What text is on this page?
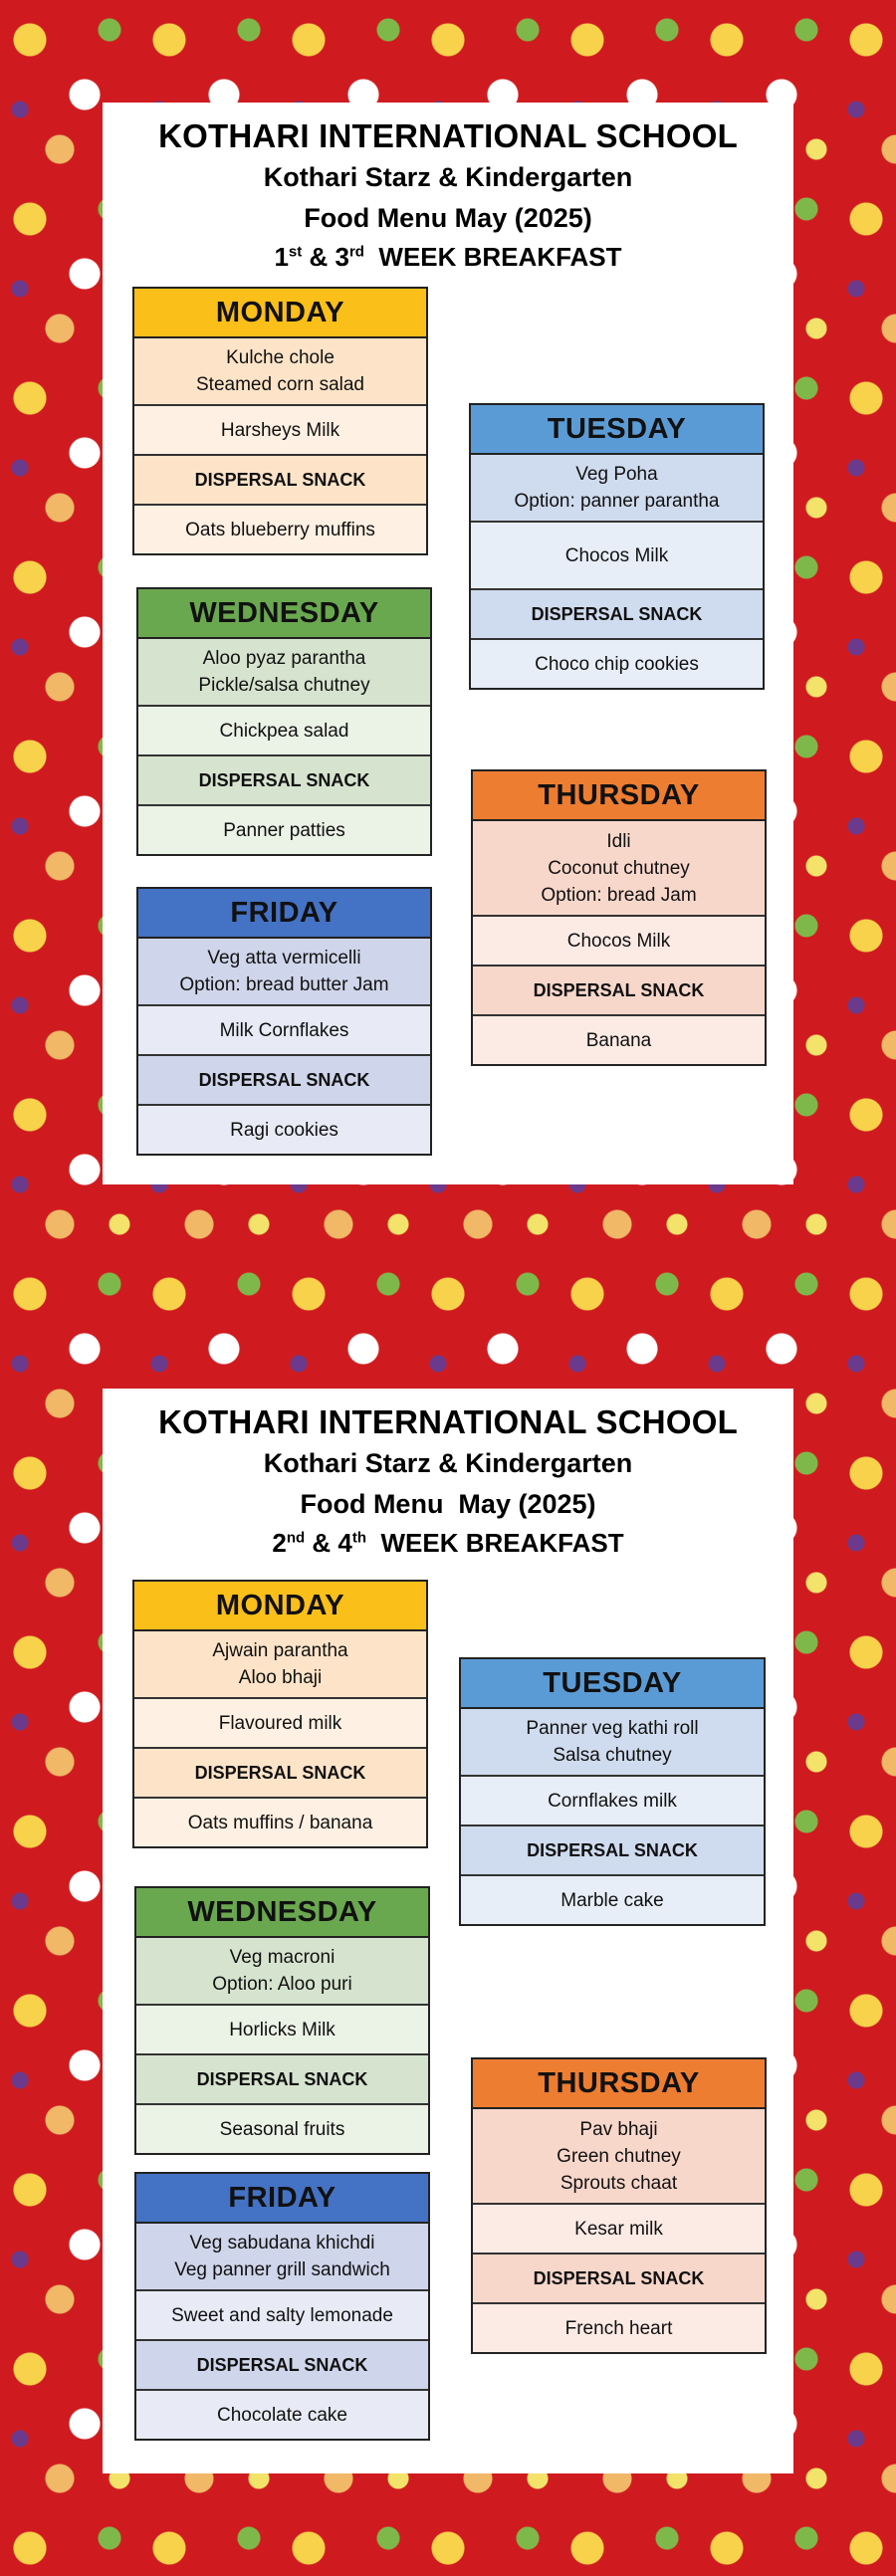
KOTHARI INTERNATIONAL SCHOOL
Kothari Starz & Kindergarten
Food Menu May (2025)
1st & 3rd  WEEK BREAKFAST
MONDAY
Kulche chole
Steamed corn salad
Harsheys Milk
DISPERSAL SNACK
Oats blueberry muffins
TUESDAY
Veg Poha
Option: panner parantha
Chocos Milk
DISPERSAL SNACK
Choco chip cookies
WEDNESDAY
Aloo pyaz parantha
Pickle/salsa chutney
Chickpea salad
DISPERSAL SNACK
Panner patties
THURSDAY
Idli
Coconut chutney
Option: bread Jam
Chocos Milk
DISPERSAL SNACK
Banana
FRIDAY
Veg atta vermicelli
Option: bread butter Jam
Milk Cornflakes
DISPERSAL SNACK
Ragi cookies
KOTHARI INTERNATIONAL SCHOOL
Kothari Starz & Kindergarten
Food Menu  May (2025)
2nd & 4th  WEEK BREAKFAST
MONDAY
Ajwain parantha
Aloo bhaji
Flavoured milk
DISPERSAL SNACK
Oats muffins / banana
TUESDAY
Panner veg kathi roll
Salsa chutney
Cornflakes milk
DISPERSAL SNACK
Marble cake
WEDNESDAY
Veg macroni
Option: Aloo puri
Horlicks Milk
DISPERSAL SNACK
Seasonal fruits
THURSDAY
Pav bhaji
Green chutney
Sprouts chaat
Kesar milk
DISPERSAL SNACK
French heart
FRIDAY
Veg sabudana khichdi
Veg panner grill sandwich
Sweet and salty lemonade
DISPERSAL SNACK
Chocolate cake
